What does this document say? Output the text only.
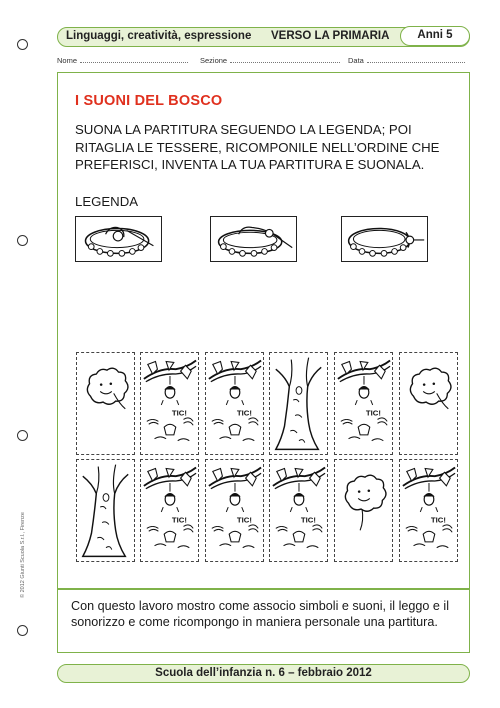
Linguaggi, creatività, espressione VERSO LA PRIMARIA	Anni 5
Nome	Sezione	Data
I SUONI DEL BOSCO
SUONA LA PARTITURA SEGUENDO LA LEGENDA; POI RITAGLIA LE TESSERE, RICOMPONILE NELL’ORDINE CHE PREFERISCI, INVENTA LA TUA PARTITURA E SUONALA.
LEGENDA
TIC!	TIC!	TIC!
TIC!	TIC!	TIC!	TIC!
Con questo lavoro mostro come associo simboli e suoni, il leggo e il sonorizzo e come ricompongo in maniera personale una partitura.
Scuola dell’infanzia n. 6 – febbraio 2012
© 2012 Giunti Scuola S.r.l., Firenze
